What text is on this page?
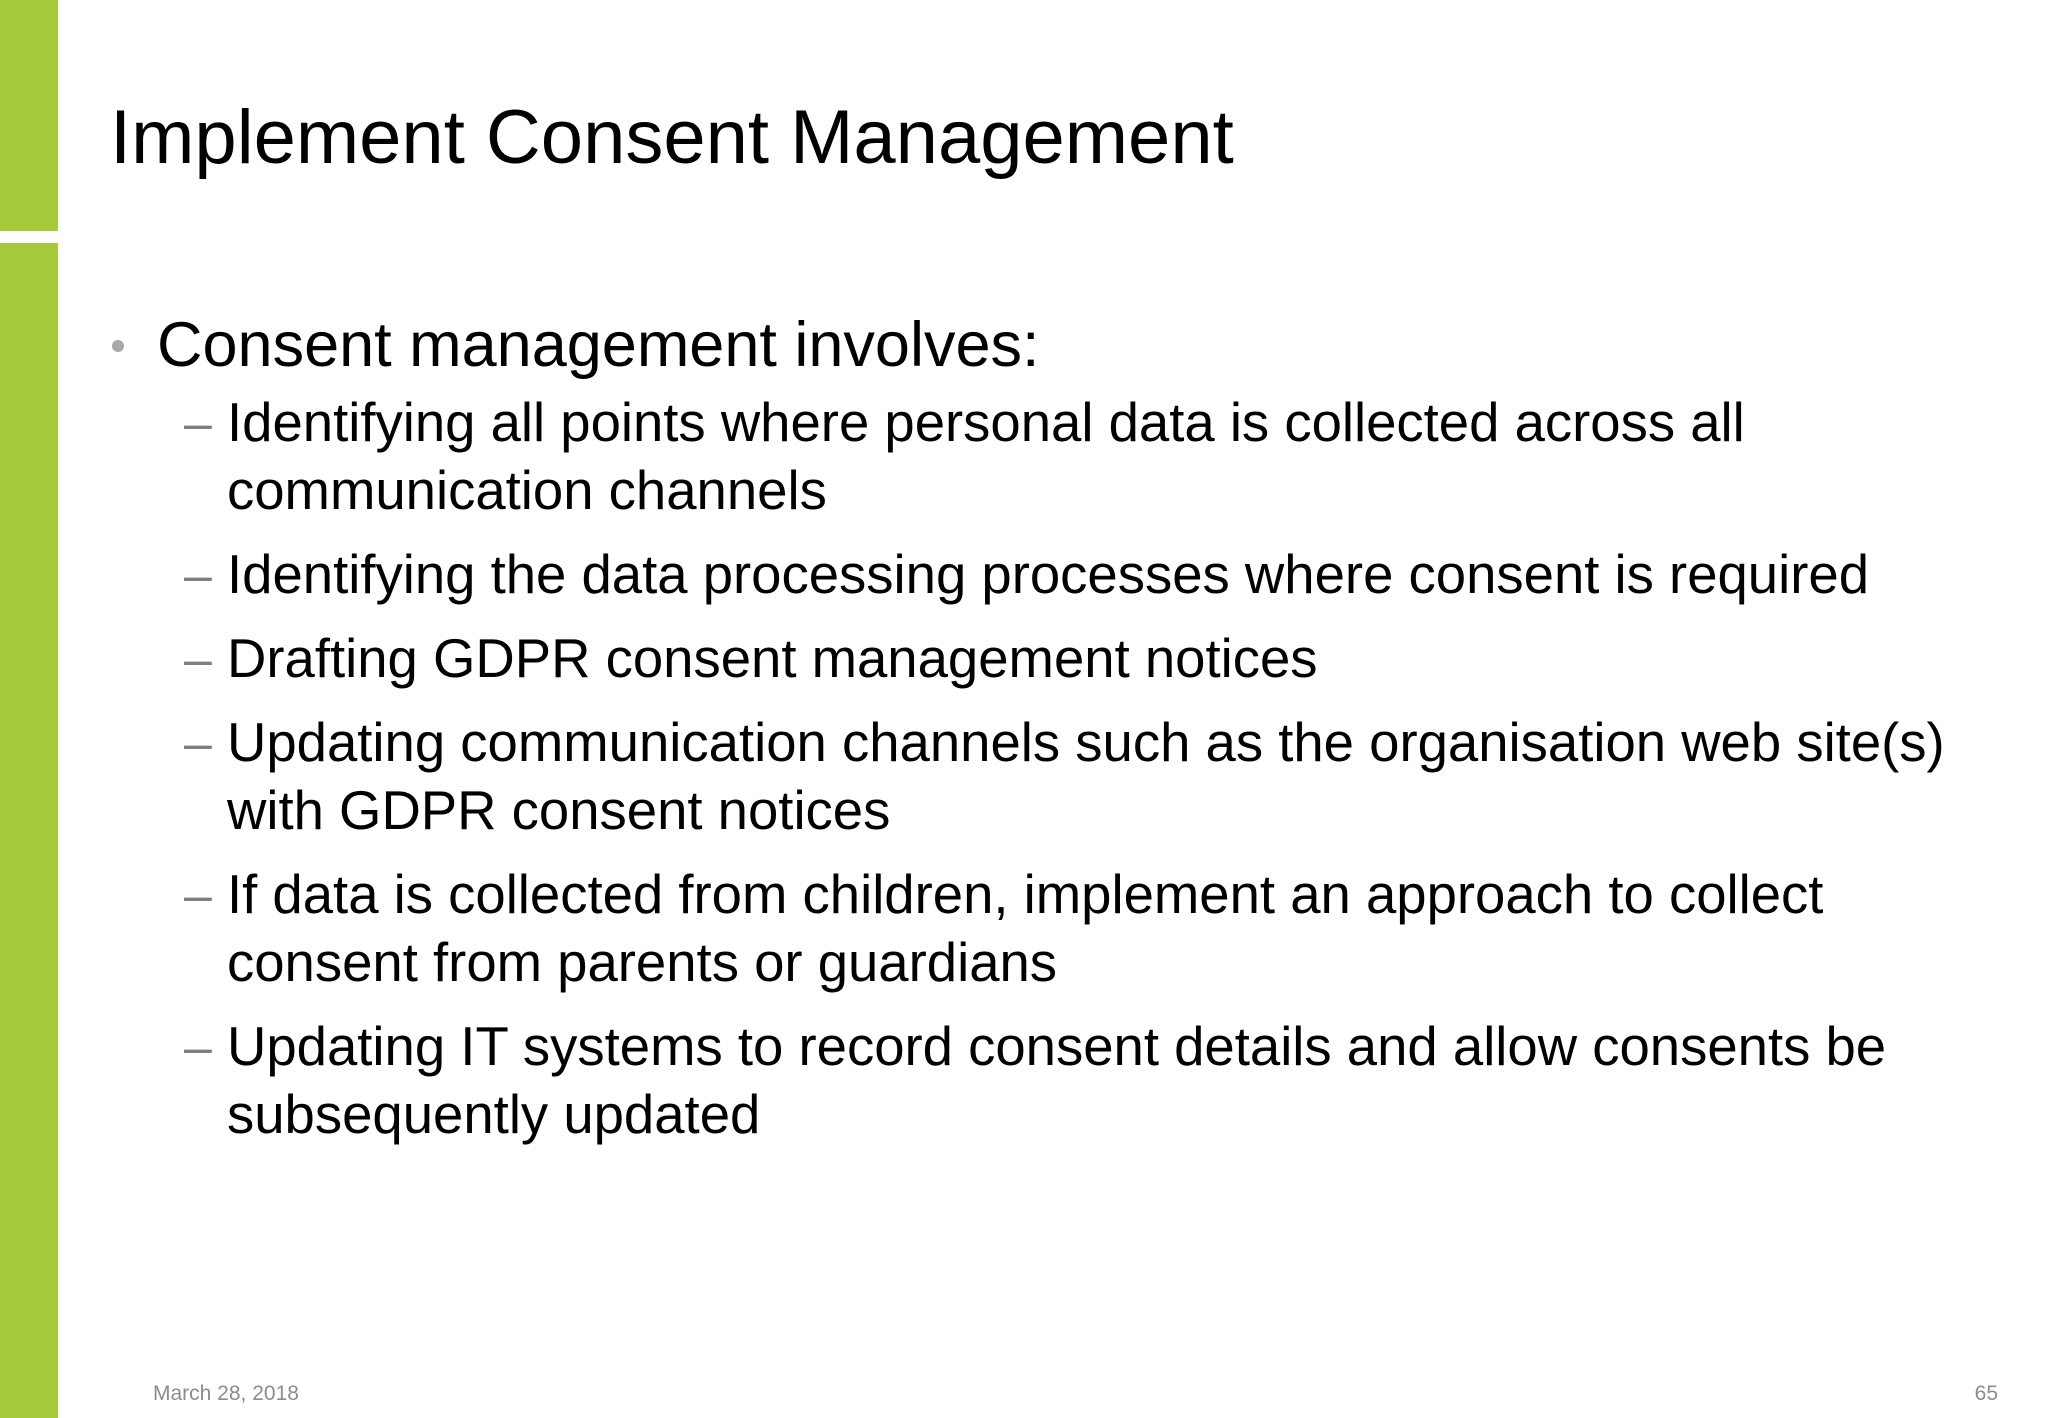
Implement Consent Management

Consent management involves:

– Identifying all points where personal data is collected across all communication channels
– Identifying the data processing processes where consent is required
– Drafting GDPR consent management notices
– Updating communication channels such as the organisation web site(s) with GDPR consent notices
– If data is collected from children, implement an approach to collect consent from parents or guardians
– Updating IT systems to record consent details and allow consents be subsequently updated
March 28, 2018	65
